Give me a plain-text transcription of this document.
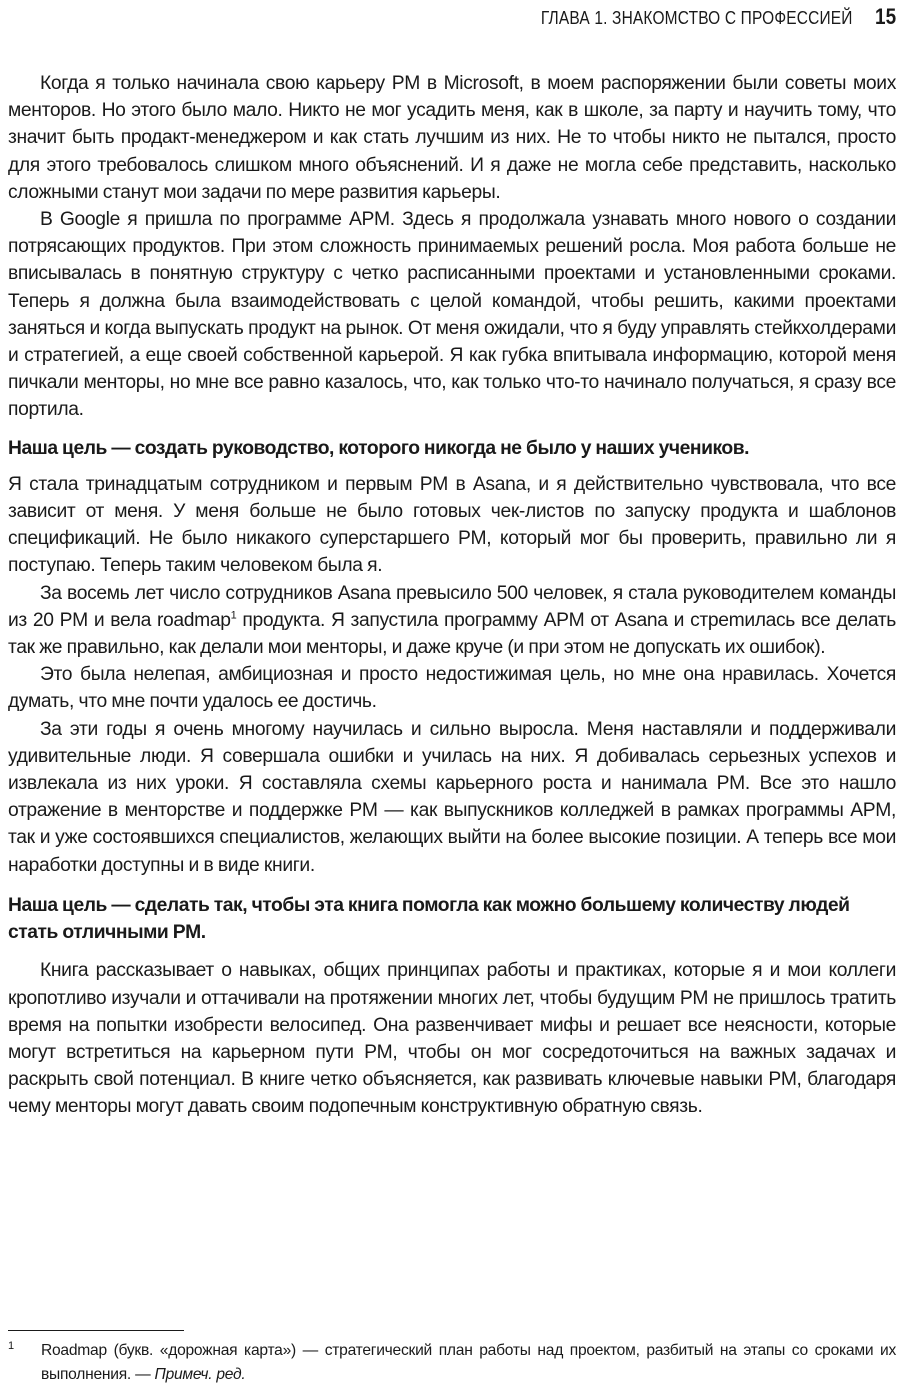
ГЛАВА 1. ЗНАКОМСТВО С ПРОФЕССИЕЙ 15

Когда я только начинала свою карьеру PM в Microsoft, в моем распоряжении были советы моих менторов. Но этого было мало. Никто не мог усадить меня, как в школе, за парту и научить тому, что значит быть продакт-менеджером и как стать лучшим из них. Не то чтобы никто не пытался, просто для этого требовалось слишком много объяснений. И я даже не могла себе представить, насколько сложными станут мои задачи по мере развития карьеры.

В Google я пришла по программе APM. Здесь я продолжала узнавать много нового о создании потрясающих продуктов. При этом сложность принимаемых решений росла. Моя работа больше не вписывалась в понятную структуру с четко расписанными проектами и установленными сроками. Теперь я должна была взаимодействовать с целой командой, чтобы решить, какими проектами заняться и когда выпускать продукт на рынок. От меня ожидали, что я буду управлять стейкхолдерами и стратегией, а еще своей собственной карьерой. Я как губка впитывала информацию, которой меня пичкали менторы, но мне все равно казалось, что, как только что-то начинало получаться, я сразу все портила.

Наша цель — создать руководство, которого никогда не было у наших учеников.

Я стала тринадцатым сотрудником и первым PM в Asana, и я действительно чувствовала, что все зависит от меня. У меня больше не было готовых чек-листов по запуску продукта и шаблонов спецификаций. Не было никакого суперстаршего PM, который мог бы проверить, правильно ли я поступаю. Теперь таким человеком была я.

За восемь лет число сотрудников Asana превысило 500 человек, я стала руководителем команды из 20 PM и вела roadmap$^1$ продукта. Я запустила программу APM от Asana и стреmилась все делать так же правильно, как делали мои менторы, и даже круче (и при этом не допускать их ошибок).

Это была нелепая, амбициозная и просто недостижимая цель, но мне она нравилась. Хочется думать, что мне почти удалось ее достичь.

За эти годы я очень многому научилась и сильно выросла. Меня наставляли и поддерживали удивительные люди. Я совершала ошибки и училась на них. Я добивалась серьезных успехов и извлекала из них уроки. Я составляла схемы карьерного роста и нанимала PM. Все это нашло отражение в менторстве и поддержке PM — как выпускников колледжей в рамках программы APM, так и уже состоявшихся специалистов, желающих выйти на более высокие позиции. А теперь все мои наработки доступны и в виде книги.

Наша цель — сделать так, чтобы эта книга помогла как можно большему количеству людей стать отличными PM.

Книга рассказывает о навыках, общих принципах работы и практиках, которые я и мои коллеги кропотливо изучали и оттачивали на протяжении многих лет, чтобы будущим PM не пришлось тратить время на попытки изобрести велосипед. Она развенчивает мифы и решает все неясности, которые могут встретиться на карьерном пути PM, чтобы он мог сосредоточиться на важных задачах и раскрыть свой потенциал. В книге четко объясняется, как развивать ключевые навыки PM, благодаря чему менторы могут давать своим подопечным конструктивную обратную связь.

1	Roadmap (букв. «дорожная карта») — стратегический план работы над проектом, разбитый на этапы со сроками их выполнения. — Примеч. ред.
